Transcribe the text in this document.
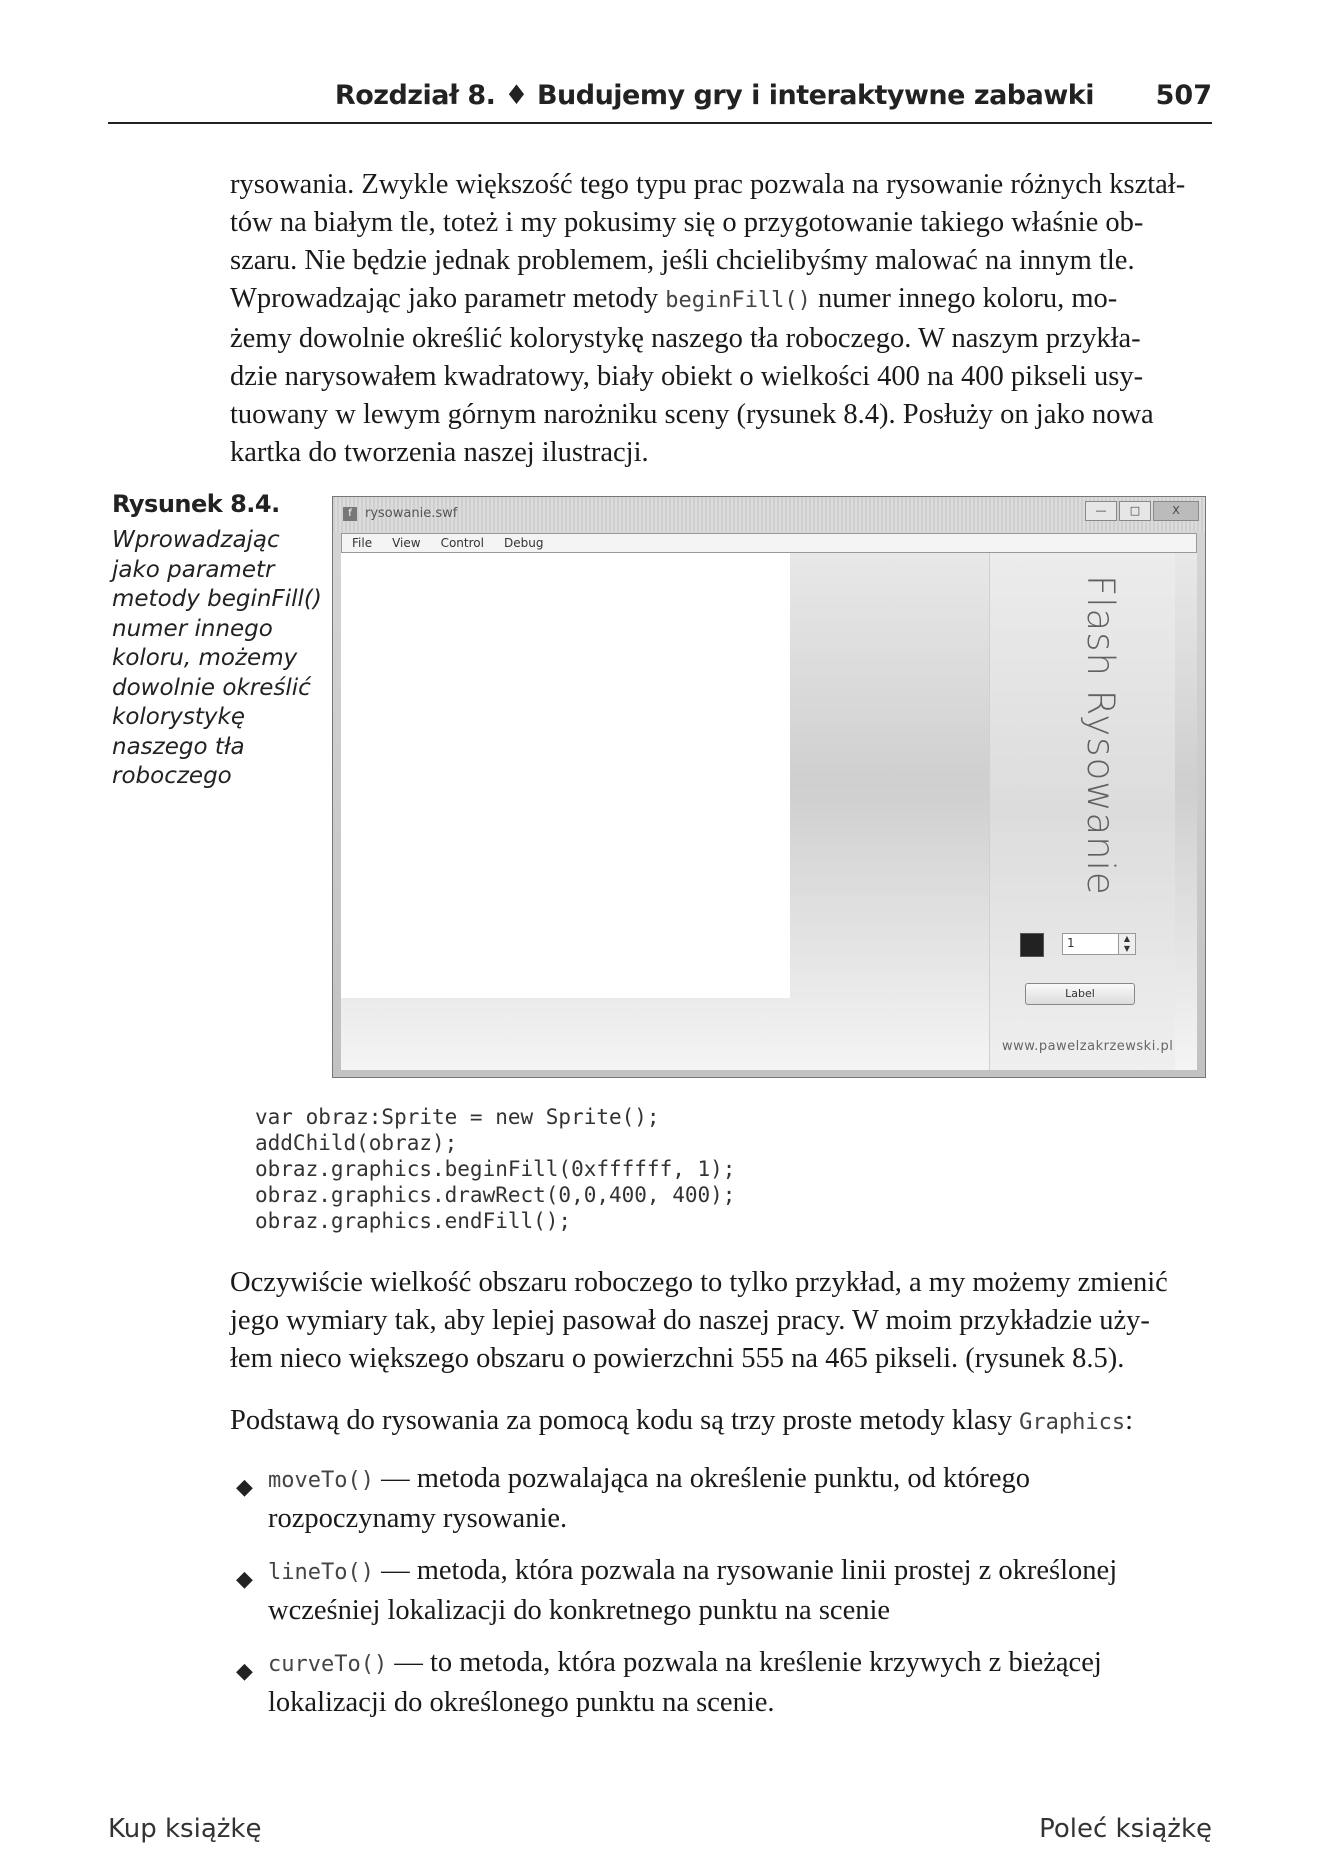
Rozdział 8. ♦ Budujemy gry i interaktywne zabawki 507
rysowania. Zwykle większość tego typu prac pozwala na rysowanie różnych kształ-
tów na białym tle, toteż i my pokusimy się o przygotowanie takiego właśnie ob-
szaru. Nie będzie jednak problemem, jeśli chcielibyśmy malować na innym tle.
Wprowadzając jako parametr metody beginFill() numer innego koloru, mo-
żemy dowolnie określić kolorystykę naszego tła roboczego. W naszym przykła-
dzie narysowałem kwadratowy, biały obiekt o wielkości 400 na 400 pikseli usy-
tuowany w lewym górnym narożniku sceny (rysunek 8.4). Posłuży on jako nowa
kartka do tworzenia naszej ilustracji.
Rysunek 8.4.
Wprowadzając
jako parametr
metody beginFill()
numer innego
koloru, możemy
dowolnie określić
kolorystykę
naszego tła
roboczego
f	rysowanie.swf	—	□	X
File View Control Debug
Flash Rysowanie
1	▲
▼
Label
www.pawelzakrzewski.pl
var obraz:Sprite = new Sprite();
addChild(obraz);
obraz.graphics.beginFill(0xffffff, 1);
obraz.graphics.drawRect(0,0,400, 400);
obraz.graphics.endFill();
Oczywiście wielkość obszaru roboczego to tylko przykład, a my możemy zmienić
jego wymiary tak, aby lepiej pasował do naszej pracy. W moim przykładzie uży-
łem nieco większego obszaru o powierzchni 555 na 465 pikseli. (rysunek 8.5).
Podstawą do rysowania za pomocą kodu są trzy proste metody klasy Graphics:
◆ moveTo() — metoda pozwalająca na określenie punktu, od którego
rozpoczynamy rysowanie.
◆ lineTo() — metoda, która pozwala na rysowanie linii prostej z określonej
wcześniej lokalizacji do konkretnego punktu na scenie
◆ curveTo() — to metoda, która pozwala na kreślenie krzywych z bieżącej
lokalizacji do określonego punktu na scenie.
Kup książkę	Poleć książkę
